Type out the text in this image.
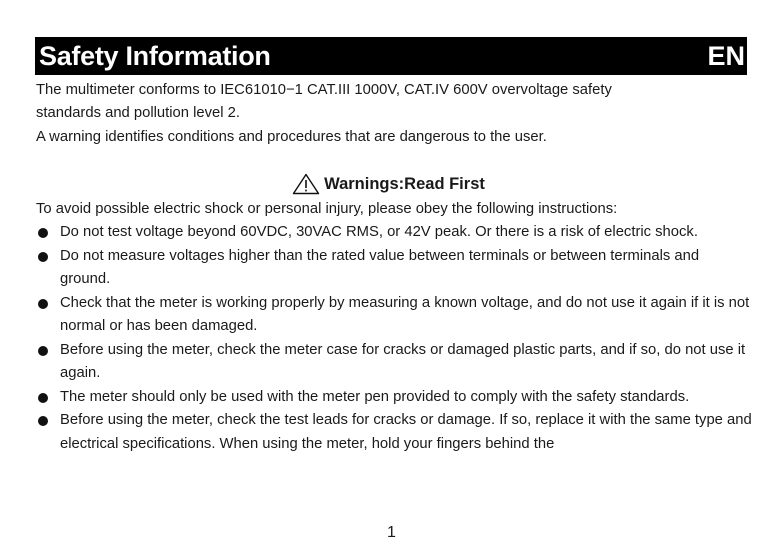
Safety Information	EN

The multimeter conforms to IEC61010−1 CAT.III 1000V, CAT.IV 600V overvoltage safety

standards and pollution level 2.

A warning identifies conditions and procedures that are dangerous to the user.

Warnings:Read First

To avoid possible electric shock or personal injury, please obey the following instructions:

Do not test voltage beyond 60VDC, 30VAC RMS, or 42V peak. Or there is a risk of electric shock.
Do not measure voltages higher than the rated value between terminals or between terminals and ground.
Check that the meter is working properly by measuring a known voltage, and do not use it again if it is not normal or has been damaged.
Before using the meter, check the meter case for cracks or damaged plastic parts, and if so, do not use it again.
The meter should only be used with the meter pen provided to comply with the safety standards.
Before using the meter, check the test leads for cracks or damage. If so, replace it with the same type and electrical specifications. When using the meter, hold your fingers behind the
1
